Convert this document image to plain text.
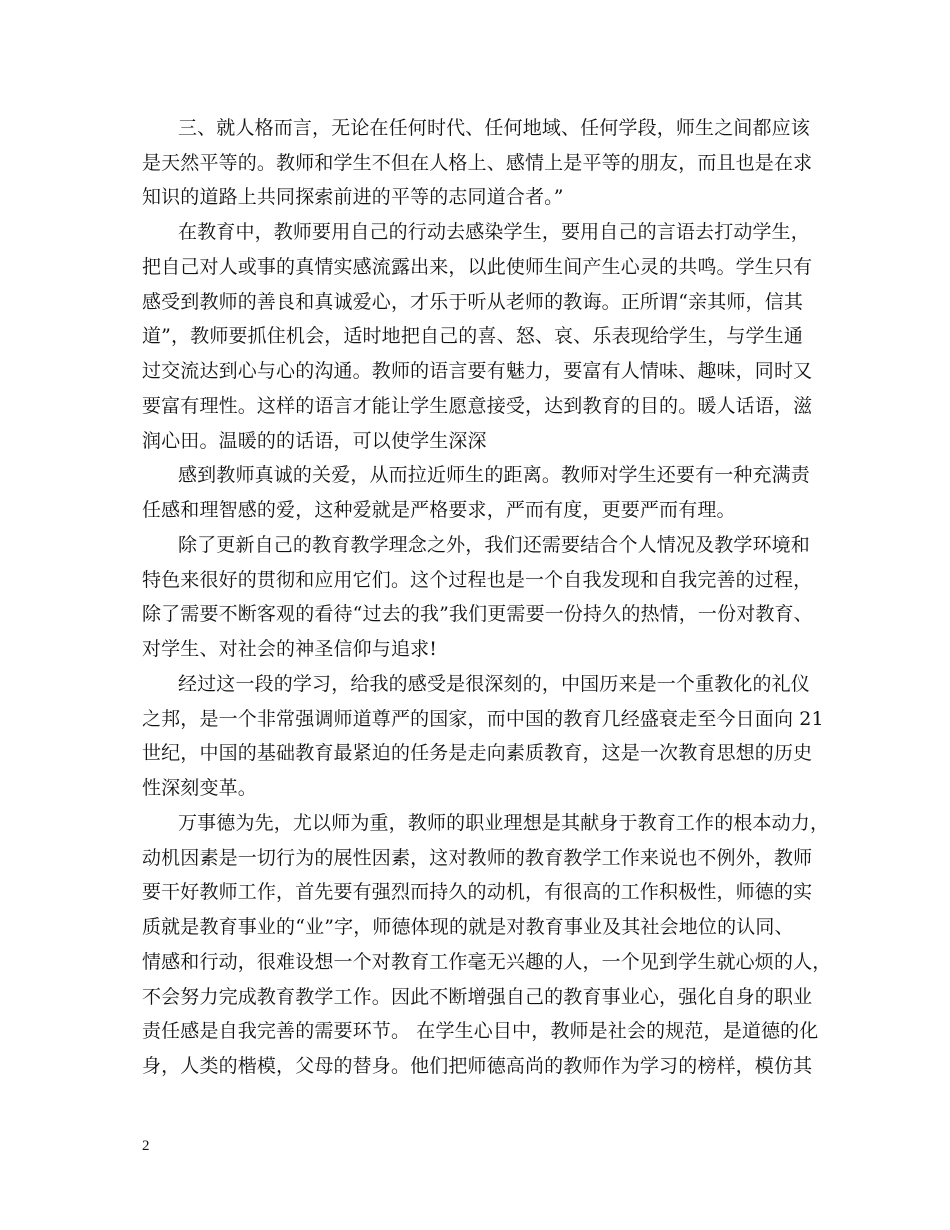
三、就人格而言，无论在任何时代、任何地域、任何学段，师生之间都应该
是天然平等的。教师和学生不但在人格上、感情上是平等的朋友，而且也是在求
知识的道路上共同探索前进的平等的志同道合者。”
在教育中，教师要用自己的行动去感染学生，要用自己的言语去打动学生，
把自己对人或事的真情实感流露出来，以此使师生间产生心灵的共鸣。学生只有
感受到教师的善良和真诚爱心，才乐于听从老师的教诲。正所谓“亲其师，信其
道”，教师要抓住机会，适时地把自己的喜、怒、哀、乐表现给学生，与学生通
过交流达到心与心的沟通。教师的语言要有魅力，要富有人情味、趣味，同时又
要富有理性。这样的语言才能让学生愿意接受，达到教育的目的。暖人话语，滋
润心田。温暖的的话语，可以使学生深深
感到教师真诚的关爱，从而拉近师生的距离。教师对学生还要有一种充满责
任感和理智感的爱，这种爱就是严格要求，严而有度，更要严而有理。
除了更新自己的教育教学理念之外，我们还需要结合个人情况及教学环境和
特色来很好的贯彻和应用它们。这个过程也是一个自我发现和自我完善的过程，
除了需要不断客观的看待“过去的我”我们更需要一份持久的热情，一份对教育、
对学生、对社会的神圣信仰与追求!
经过这一段的学习，给我的感受是很深刻的，中国历来是一个重教化的礼仪
之邦，是一个非常强调师道尊严的国家，而中国的教育几经盛衰走至今日面向 21
世纪，中国的基础教育最紧迫的任务是走向素质教育，这是一次教育思想的历史
性深刻变革。
万事德为先，尤以师为重，教师的职业理想是其献身于教育工作的根本动力，
动机因素是一切行为的展性因素，这对教师的教育教学工作来说也不例外，教师
要干好教师工作，首先要有强烈而持久的动机，有很高的工作积极性，师德的实
质就是教育事业的“业”字，师德体现的就是对教育事业及其社会地位的认同、
情感和行动，很难设想一个对教育工作毫无兴趣的人，一个见到学生就心烦的人，
不会努力完成教育教学工作。因此不断增强自己的教育事业心，强化自身的职业
责任感是自我完善的需要环节。 在学生心目中，教师是社会的规范，是道德的化
身，人类的楷模，父母的替身。他们把师德高尚的教师作为学习的榜样，模仿其
2
